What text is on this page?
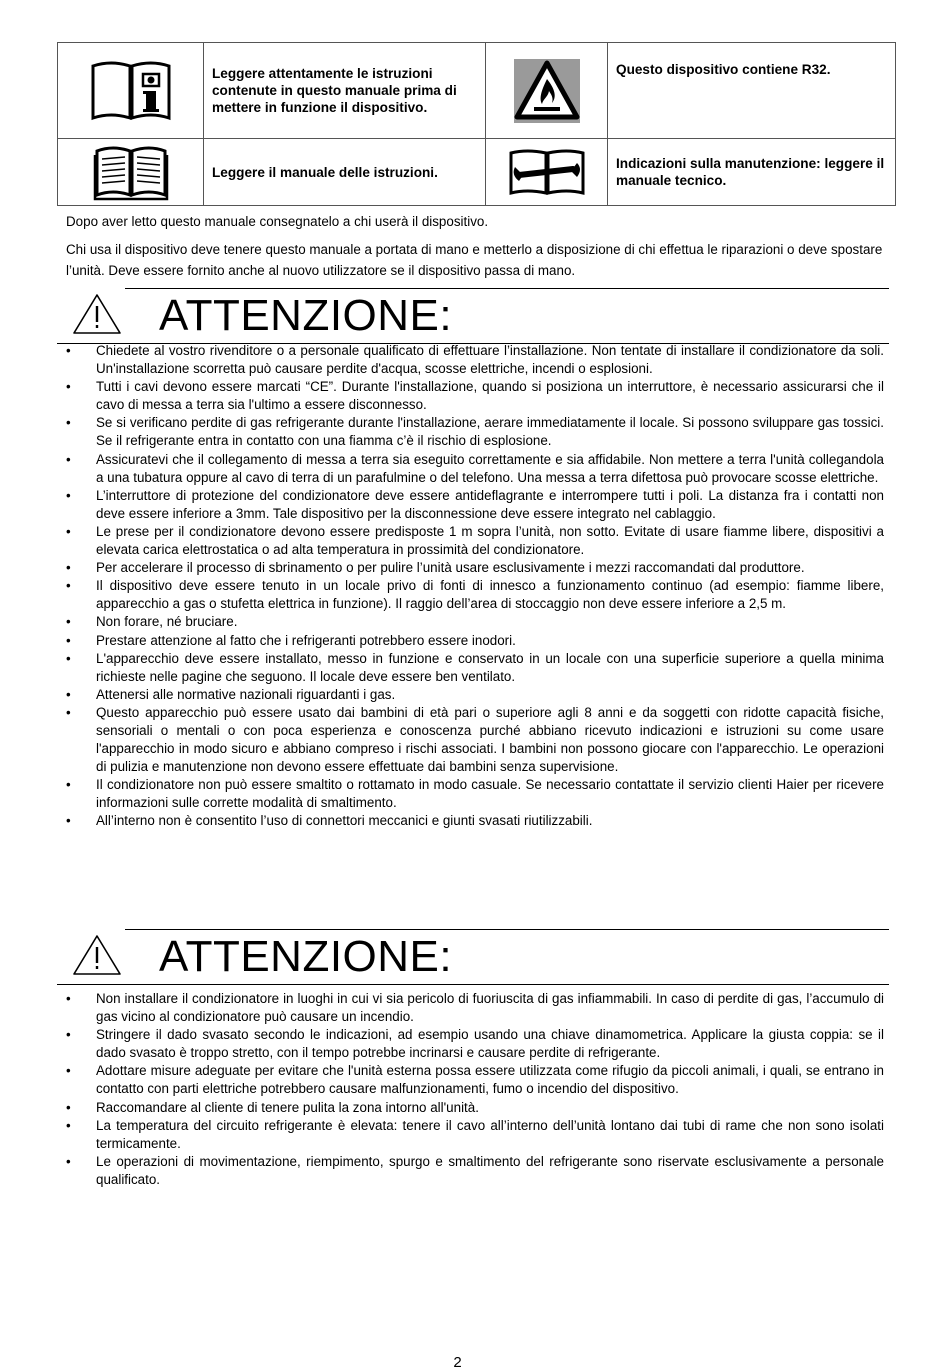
	Leggere attentamente le istruzioni contenute in questo manuale prima di mettere in funzione il dispositivo.		Questo dispositivo contiene R32.

	Leggere il manuale delle istruzioni.		Indicazioni sulla manutenzione: leggere il manuale tecnico.

Dopo aver letto questo manuale consegnatelo a chi userà il dispositivo.

Chi usa il dispositivo deve tenere questo manuale a portata di mano e metterlo a disposizione di chi effettua le riparazioni o deve spostare l’unità. Deve essere fornito anche al nuovo utilizzatore se il dispositivo passa di mano.

ATTENZIONE:
• Chiedete al vostro rivenditore o a personale qualificato di effettuare l’installazione. Non tentate di installare il condizionatore da soli. Un'installazione scorretta può causare perdite d'acqua, scosse elettriche, incendi o esplosioni.
• Tutti i cavi devono essere marcati “CE”. Durante l'installazione, quando si posiziona un interruttore, è necessario assicurarsi che il cavo di messa a terra sia l'ultimo a essere disconnesso.
• Se si verificano perdite di gas refrigerante durante l'installazione, aerare immediatamente il locale. Si possono sviluppare gas tossici. Se il refrigerante entra in contatto con una fiamma c’è il rischio di esplosione.
• Assicuratevi che il collegamento di messa a terra sia eseguito correttamente e sia affidabile. Non mettere a terra l'unità collegandola a una tubatura oppure al cavo di terra di un parafulmine o del telefono. Una messa a terra difettosa può provocare scosse elettriche.
• L’interruttore di protezione del condizionatore deve essere antideflagrante e interrompere tutti i poli. La distanza fra i contatti non deve essere inferiore a 3mm. Tale dispositivo per la disconnessione deve essere integrato nel cablaggio.
• Le prese per il condizionatore devono essere predisposte 1 m sopra l’unità, non sotto. Evitate di usare fiamme libere, dispositivi a elevata carica elettrostatica o ad alta temperatura in prossimità del condizionatore.
• Per accelerare il processo di sbrinamento o per pulire l’unità usare esclusivamente i mezzi raccomandati dal produttore.
• Il dispositivo deve essere tenuto in un locale privo di fonti di innesco a funzionamento continuo (ad esempio: fiamme libere, apparecchio a gas o stufetta elettrica in funzione). Il raggio dell’area di stoccaggio non deve essere inferiore a 2,5 m.
• Non forare, né bruciare.
• Prestare attenzione al fatto che i refrigeranti potrebbero essere inodori.
• L'apparecchio deve essere installato, messo in funzione e conservato in un locale con una superficie superiore a quella minima richieste nelle pagine che seguono. Il locale deve essere ben ventilato.
• Attenersi alle normative nazionali riguardanti i gas.
• Questo apparecchio può essere usato dai bambini di età pari o superiore agli 8 anni e da soggetti con ridotte capacità fisiche, sensoriali o mentali o con poca esperienza e conoscenza purché abbiano ricevuto indicazioni e istruzioni su come usare l'apparecchio in modo sicuro e abbiano compreso i rischi associati. I bambini non possono giocare con l'apparecchio. Le operazioni di pulizia e manutenzione non devono essere effettuate dai bambini senza supervisione.
• Il condizionatore non può essere smaltito o rottamato in modo casuale. Se necessario contattate il servizio clienti Haier per ricevere informazioni sulle corrette modalità di smaltimento.
• All’interno non è consentito l’uso di connettori meccanici e giunti svasati riutilizzabili.
ATTENZIONE:
• Non installare il condizionatore in luoghi in cui vi sia pericolo di fuoriuscita di gas infiammabili. In caso di perdite di gas, l’accumulo di gas vicino al condizionatore può causare un incendio.
• Stringere il dado svasato secondo le indicazioni, ad esempio usando una chiave dinamometrica. Applicare la giusta coppia: se il dado svasato è troppo stretto, con il tempo potrebbe incrinarsi e causare perdite di refrigerante.
• Adottare misure adeguate per evitare che l'unità esterna possa essere utilizzata come rifugio da piccoli animali, i quali, se entrano in contatto con parti elettriche potrebbero causare malfunzionamenti, fumo o incendio del dispositivo.
• Raccomandare al cliente di tenere pulita la zona intorno all'unità.
• La temperatura del circuito refrigerante è elevata: tenere il cavo all’interno dell’unità lontano dai tubi di rame che non sono isolati termicamente.
• Le operazioni di movimentazione, riempimento, spurgo e smaltimento del refrigerante sono riservate esclusivamente a personale qualificato.
2
